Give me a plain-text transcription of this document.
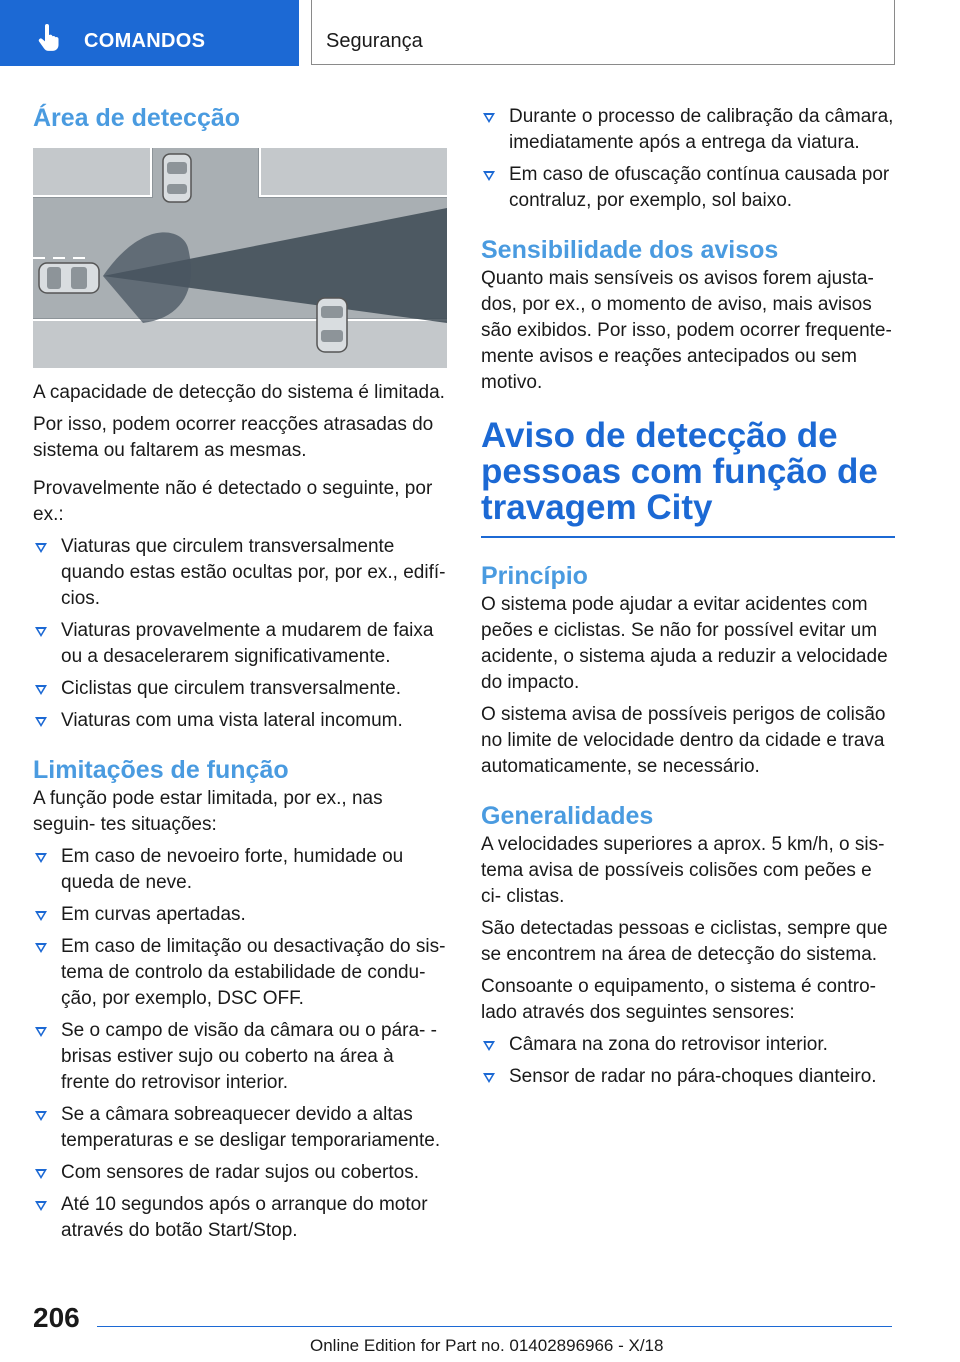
COMANDOS	Segurança
Área de detecção

A capacidade de detecção do sistema é limitada.

Por isso, podem ocorrer reacções atrasadas do sistema ou faltarem as mesmas.

Provavelmente não é detectado o seguinte, por ex.:

Viaturas que circulem transversalmente quando estas estão ocultas por, por ex., edifí- cios.
Viaturas provavelmente a mudarem de faixa ou a desacelerarem significativamente.
Ciclistas que circulem transversalmente.
Viaturas com uma vista lateral incomum.
Limitações de função

A função pode estar limitada, por ex., nas seguin- tes situações:

Em caso de nevoeiro forte, humidade ou queda de neve.
Em curvas apertadas.
Em caso de limitação ou desactivação do sis- tema de controlo da estabilidade de condu- ção, por exemplo, DSC OFF.
Se o campo de visão da câmara ou o pára- -brisas estiver sujo ou coberto na área à frente do retrovisor interior.
Se a câmara sobreaquecer devido a altas temperaturas e se desligar temporariamente.
Com sensores de radar sujos ou cobertos.
Até 10 segundos após o arranque do motor através do botão Start/Stop.
Durante o processo de calibração da câmara, imediatamente após a entrega da viatura.
Em caso de ofuscação contínua causada por contraluz, por exemplo, sol baixo.
Sensibilidade dos avisos

Quanto mais sensíveis os avisos forem ajusta- dos, por ex., o momento de aviso, mais avisos são exibidos. Por isso, podem ocorrer frequente- mente avisos e reações antecipados ou sem motivo.

Aviso de detecção de pessoas com função de travagem City
Princípio

O sistema pode ajudar a evitar acidentes com peões e ciclistas. Se não for possível evitar um acidente, o sistema ajuda a reduzir a velocidade do impacto.

O sistema avisa de possíveis perigos de colisão no limite de velocidade dentro da cidade e trava automaticamente, se necessário.

Generalidades

A velocidades superiores a aprox. 5 km/h, o sis- tema avisa de possíveis colisões com peões e ci- clistas.

São detectadas pessoas e ciclistas, sempre que se encontrem na área de detecção do sistema.

Consoante o equipamento, o sistema é contro- lado através dos seguintes sensores:

Câmara na zona do retrovisor interior.
Sensor de radar no pára-choques dianteiro.
206
Online Edition for Part no. 01402896966 - X/18
